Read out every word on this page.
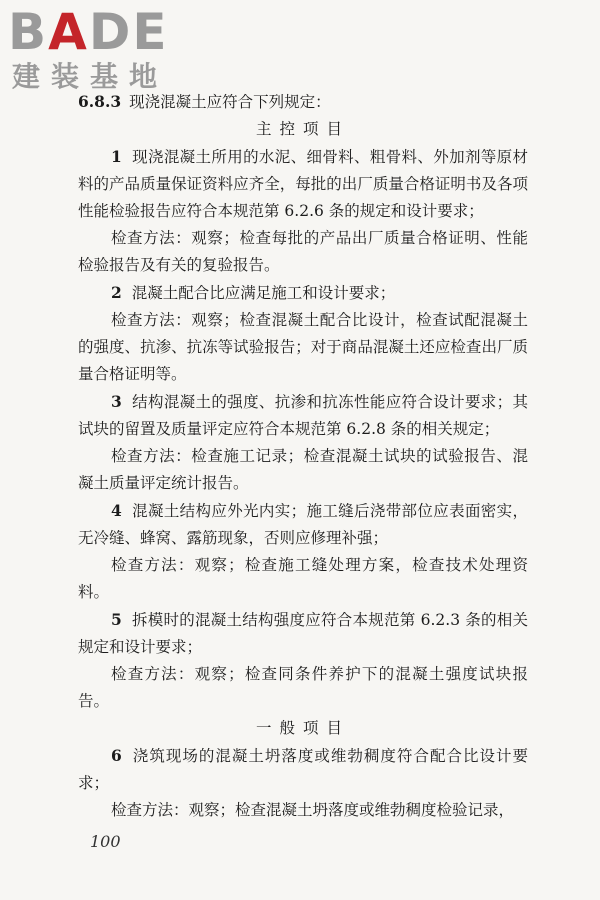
BADE
建装基地

6.8.3 现浇混凝土应符合下列规定：

主控项目

1 现浇混凝土所用的水泥、细骨料、粗骨料、外加剂等原材料的产品质量保证资料应齐全，每批的出厂质量合格证明书及各项性能检验报告应符合本规范第 6.2.6 条的规定和设计要求；

检查方法：观察；检查每批的产品出厂质量合格证明、性能检验报告及有关的复验报告。

2 混凝土配合比应满足施工和设计要求；

检查方法：观察；检查混凝土配合比设计，检查试配混凝土的强度、抗渗、抗冻等试验报告；对于商品混凝土还应检查出厂质量合格证明等。

3 结构混凝土的强度、抗渗和抗冻性能应符合设计要求；其试块的留置及质量评定应符合本规范第 6.2.8 条的相关规定；

检查方法：检查施工记录；检查混凝土试块的试验报告、混凝土质量评定统计报告。

4 混凝土结构应外光内实；施工缝后浇带部位应表面密实，无冷缝、蜂窝、露筋现象，否则应修理补强；

检查方法：观察；检查施工缝处理方案，检查技术处理资料。

5 拆模时的混凝土结构强度应符合本规范第 6.2.3 条的相关规定和设计要求；

检查方法：观察；检查同条件养护下的混凝土强度试块报告。

一般项目

6 浇筑现场的混凝土坍落度或维勃稠度符合配合比设计要求；

检查方法：观察；检查混凝土坍落度或维勃稠度检验记录，

100
